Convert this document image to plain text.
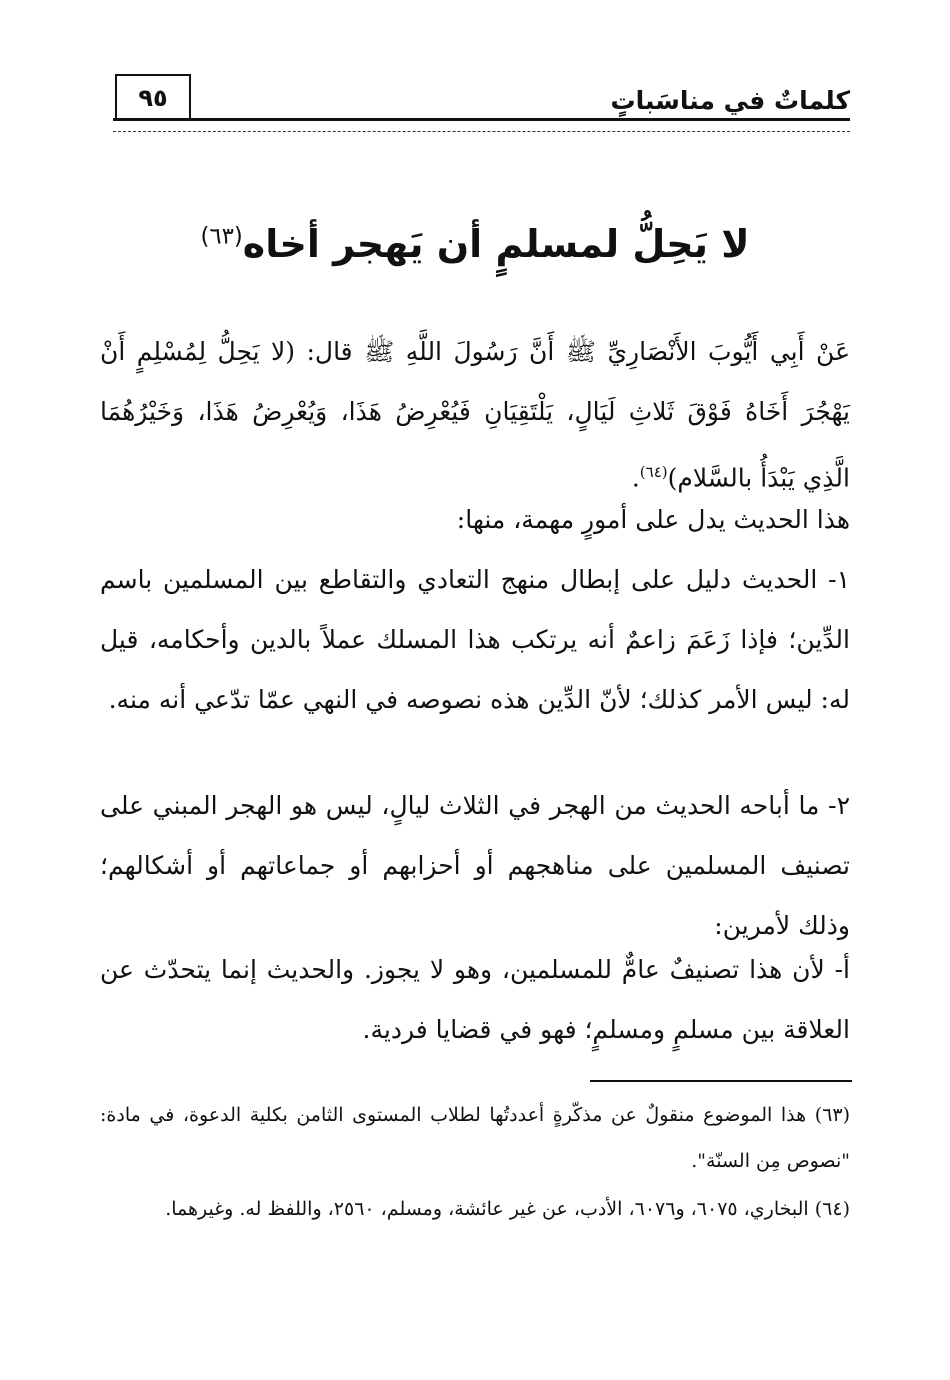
كلماتٌ في مناسَباتٍ
٩٥
لا يَحِلُّ لمسلمٍ أن يَهجر أخاه$^{(٦٣)}$

عَنْ أَبِي أَيُّوبَ الأَنْصَارِيِّ ﷺ أَنَّ رَسُولَ اللَّهِ ﷺ قال: (لا يَحِلُّ لِمُسْلِمٍ أَنْ يَهْجُرَ أَخَاهُ فَوْقَ ثَلاثِ لَيَالٍ، يَلْتَقِيَانِ فَيُعْرِضُ هَذَا، وَيُعْرِضُ هَذَا، وَخَيْرُهُمَا الَّذِي يَبْدَأُ بالسَّلام)$^{(٦٤)}$.

هذا الحديث يدل على أمورٍ مهمة، منها:

١- الحديث دليل على إبطال منهج التعادي والتقاطع بين المسلمين باسم الدِّين؛ فإذا زَعَمَ زاعمٌ أنه يرتكب هذا المسلك عملاً بالدين وأحكامه، قيل له: ليس الأمر كذلك؛ لأنّ الدِّين هذه نصوصه في النهي عمّا تدّعي أنه منه.

٢- ما أباحه الحديث من الهجر في الثلاث ليالٍ، ليس هو الهجر المبني على تصنيف المسلمين على مناهجهم أو أحزابهم أو جماعاتهم أو أشكالهم؛ وذلك لأمرين:

أ- لأن هذا تصنيفٌ عامٌّ للمسلمين، وهو لا يجوز. والحديث إنما يتحدّث عن العلاقة بين مسلمٍ ومسلمٍ؛ فهو في قضايا فردية.

(٦٣) هذا الموضوع منقولٌ عن مذكّرةٍ أعددتُها لطلاب المستوى الثامن بكلية الدعوة، في مادة: "نصوص مِن السنّة".

(٦٤) البخاري، ٦٠٧٥، و٦٠٧٦، الأدب، عن غير عائشة، ومسلم، ٢٥٦٠، واللفظ له. وغيرهما.
